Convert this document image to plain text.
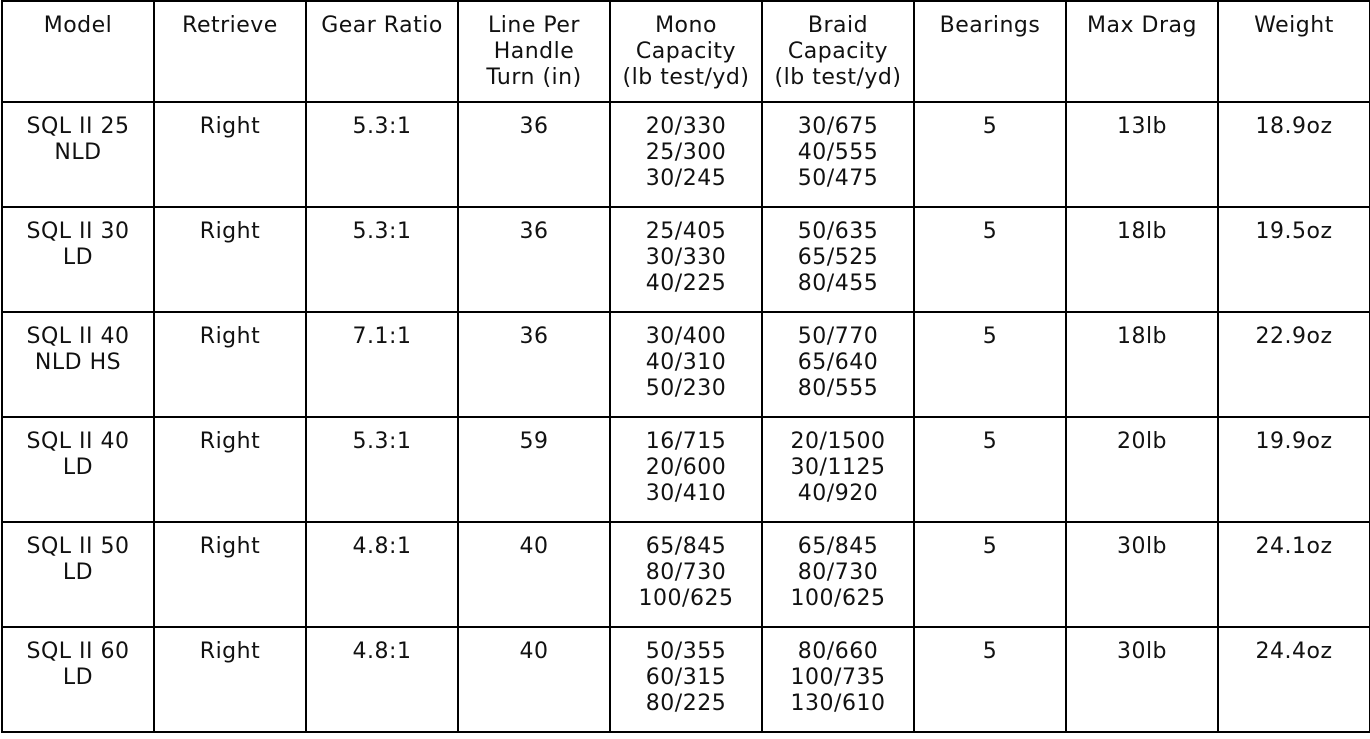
Model	Retrieve	Gear Ratio	Line Per
Handle
Turn (in)	Mono
Capacity
(lb test/yd)	Braid
Capacity
(lb test/yd)	Bearings	Max Drag	Weight

SQL II 25
NLD	Right	5.3:1	36	20/330
25/300
30/245	30/675
40/555
50/475	5	13lb	18.9oz

SQL II 30
LD	Right	5.3:1	36	25/405
30/330
40/225	50/635
65/525
80/455	5	18lb	19.5oz

SQL II 40
NLD HS	Right	7.1:1	36	30/400
40/310
50/230	50/770
65/640
80/555	5	18lb	22.9oz

SQL II 40
LD	Right	5.3:1	59	16/715
20/600
30/410	20/1500
30/1125
40/920	5	20lb	19.9oz

SQL II 50
LD	Right	4.8:1	40	65/845
80/730
100/625	65/845
80/730
100/625	5	30lb	24.1oz

SQL II 60
LD	Right	4.8:1	40	50/355
60/315
80/225	80/660
100/735
130/610	5	30lb	24.4oz
